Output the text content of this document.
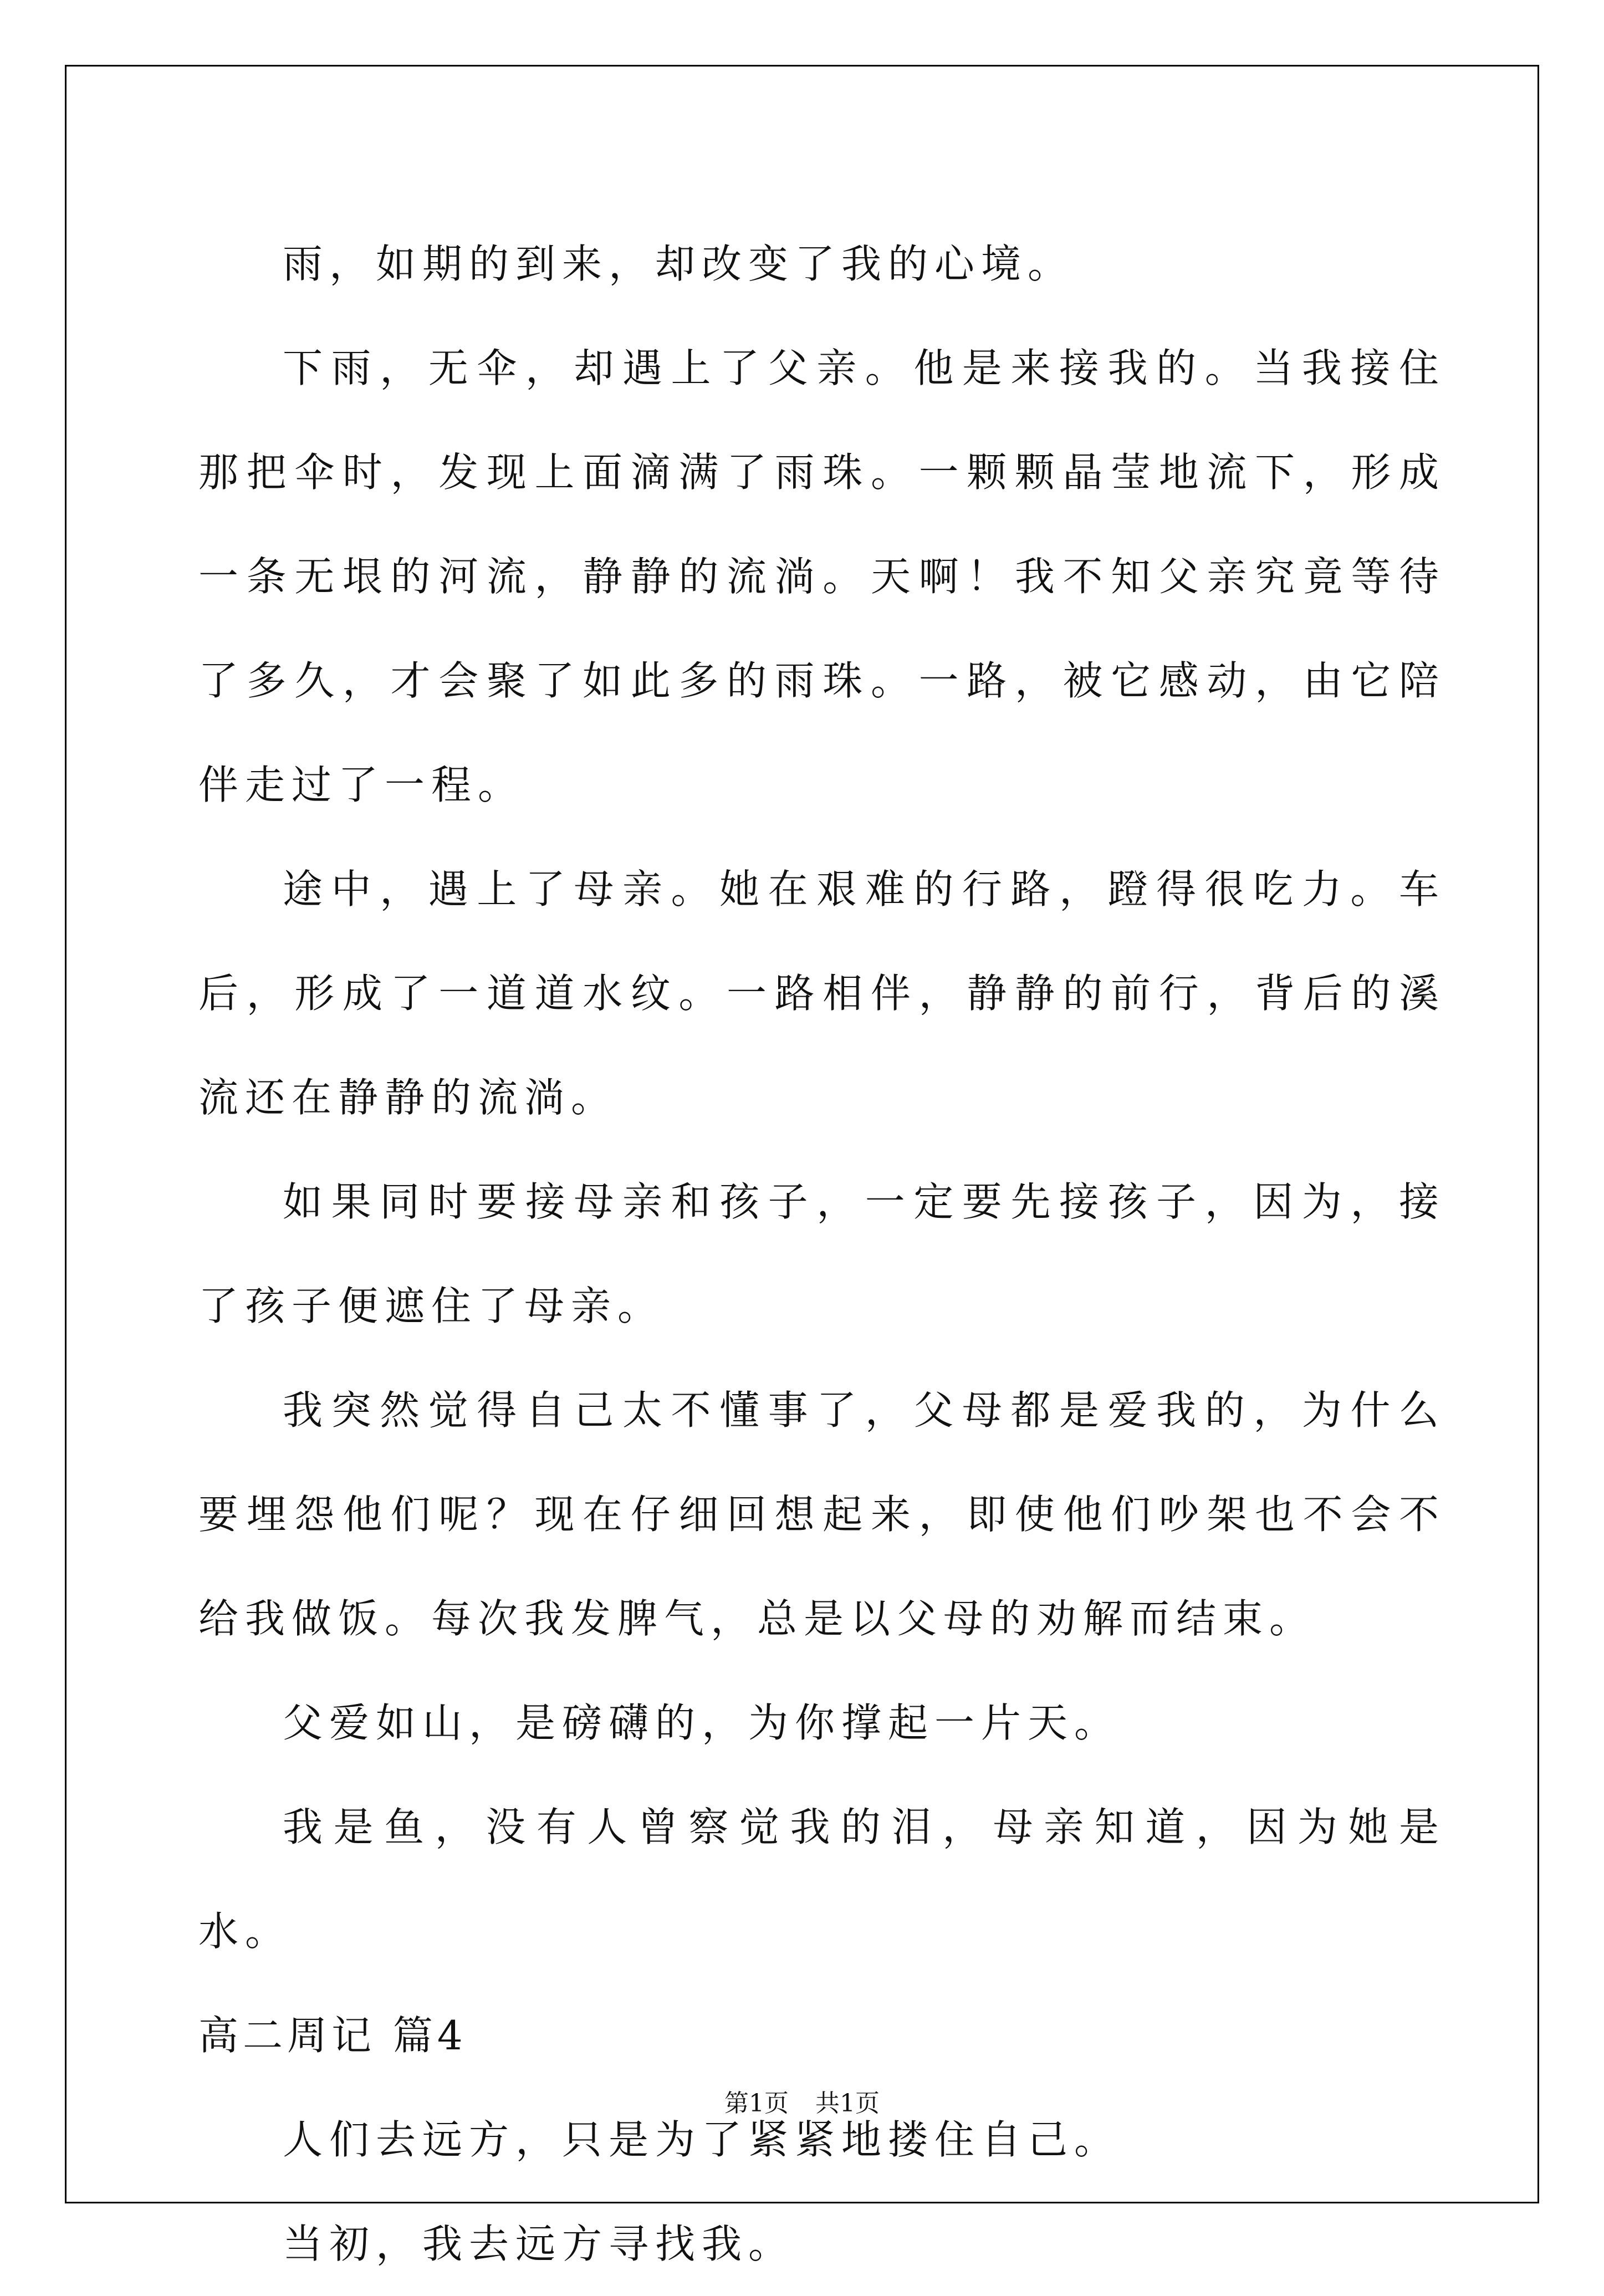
雨，如期的到来，却改变了我的心境。

下雨，无伞，却遇上了父亲。他是来接我的。当我接住那把伞时，发现上面滴满了雨珠。一颗颗晶莹地流下，形成一条无垠的河流，静静的流淌。天啊！我不知父亲究竟等待了多久，才会聚了如此多的雨珠。一路，被它感动，由它陪伴走过了一程。

途中，遇上了母亲。她在艰难的行路，蹬得很吃力。车后，形成了一道道水纹。一路相伴，静静的前行，背后的溪流还在静静的流淌。

如果同时要接母亲和孩子，一定要先接孩子，因为，接了孩子便遮住了母亲。

我突然觉得自己太不懂事了，父母都是爱我的，为什么要埋怨他们呢？现在仔细回想起来，即使他们吵架也不会不给我做饭。每次我发脾气，总是以父母的劝解而结束。

父爱如山，是磅礴的，为你撑起一片天。

我是鱼，没有人曾察觉我的泪，母亲知道，因为她是水。

高二周记 篇4

人们去远方，只是为了紧紧地搂住自己。

当初，我去远方寻找我。

第1页 共1页
